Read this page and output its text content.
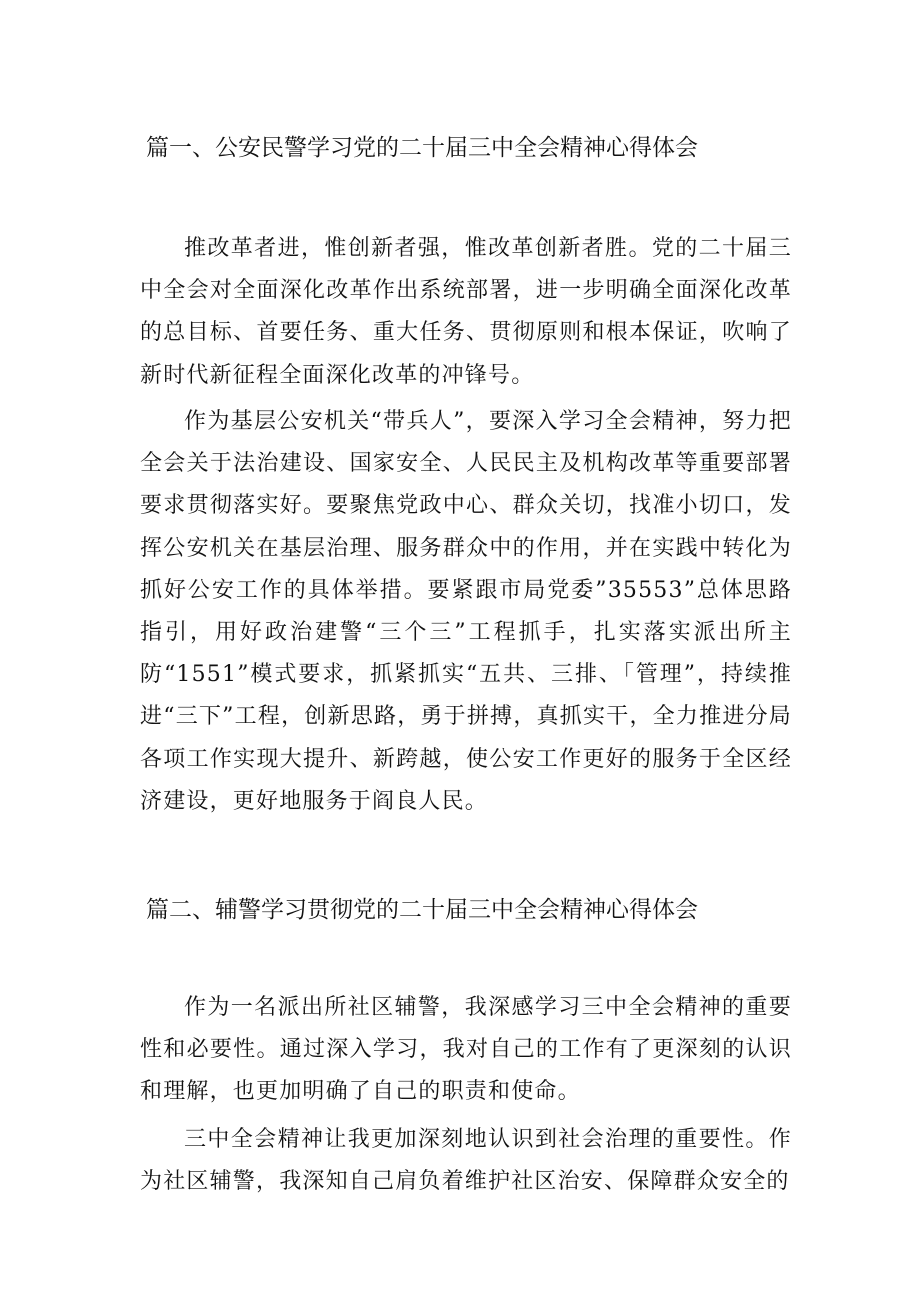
篇一、公安民警学习党的二十届三中全会精神心得体会

推改革者进，惟创新者强，惟改革创新者胜。党的二十届三中全会对全面深化改革作出系统部署，进一步明确全面深化改革的总目标、首要任务、重大任务、贯彻原则和根本保证，吹响了新时代新征程全面深化改革的冲锋号。

作为基层公安机关“带兵人”，要深入学习全会精神，努力把全会关于法治建设、国家安全、人民民主及机构改革等重要部署要求贯彻落实好。要聚焦党政中心、群众关切，找准小切口，发挥公安机关在基层治理、服务群众中的作用，并在实践中转化为抓好公安工作的具体举措。要紧跟市局党委”35553”总体思路指引，用好政治建警“三个三”工程抓手，扎实落实派出所主防“1551”模式要求，抓紧抓实“五共、三排、「管理”，持续推进“三下”工程，创新思路，勇于拼搏，真抓实干，全力推进分局各项工作实现大提升、新跨越，使公安工作更好的服务于全区经济建设，更好地服务于阎良人民。

篇二、辅警学习贯彻党的二十届三中全会精神心得体会

作为一名派出所社区辅警，我深感学习三中全会精神的重要性和必要性。通过深入学习，我对自己的工作有了更深刻的认识和理解，也更加明确了自己的职责和使命。

三中全会精神让我更加深刻地认识到社会治理的重要性。作为社区辅警，我深知自己肩负着维护社区治安、保障群众安全的
